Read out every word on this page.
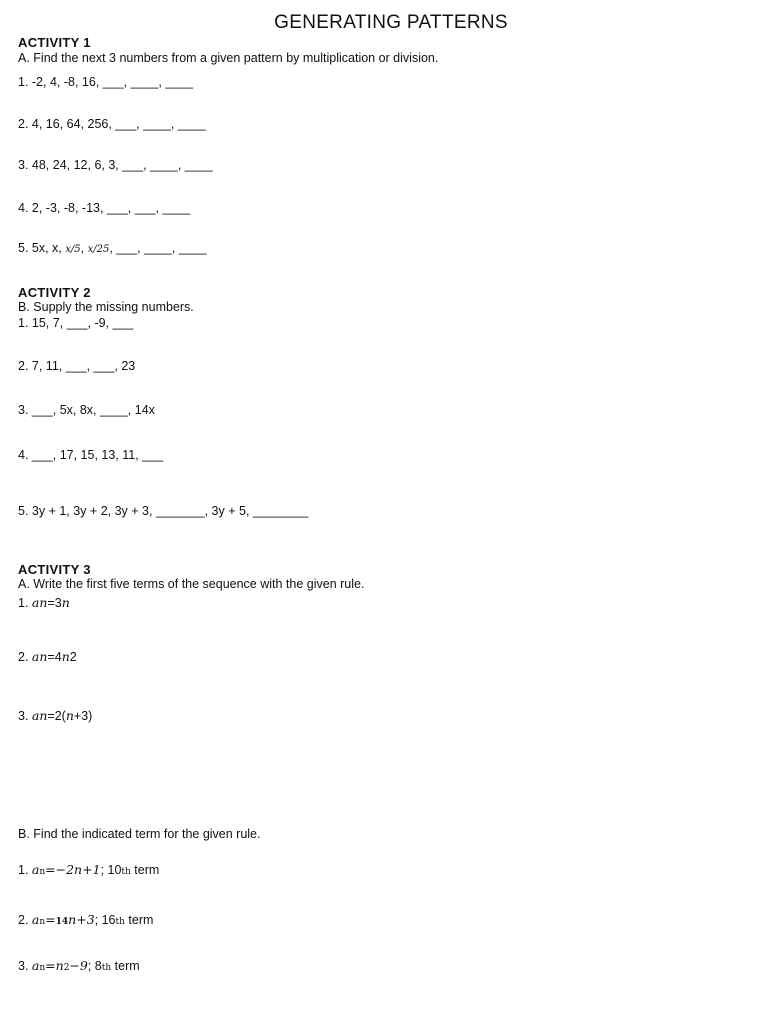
GENERATING PATTERNS

ACTIVITY 1

A. Find the next 3 numbers from a given pattern by multiplication or division.

1. -2, 4, -8, 16, ___, ____, ____

2. 4, 16, 64, 256, ___, ____, ____

3. 48, 24, 12, 6, 3, ___, ____, ____

4. 2, -3, -8, -13, ___, ___, ____

5. 5x, x, x/5, x/25, ___, ____, ____

ACTIVITY 2

B. Supply the missing numbers.

1. 15, 7, ___, -9, ___

2. 7, 11, ___, ___, 23

3. ___, 5x, 8x, ____, 14x

4. ___, 17, 15, 13, 11, ___

5. 3y + 1, 3y + 2, 3y + 3, _______, 3y + 5, ________

ACTIVITY 3

A. Write the first five terms of the sequence with the given rule.

1. an=3n

2. an=4n2

3. an=2(n+3)

B. Find the indicated term for the given rule.

1. an=−2n+1; 10th term

2. an=14n+3; 16th term

3. an=n2−9; 8th term
